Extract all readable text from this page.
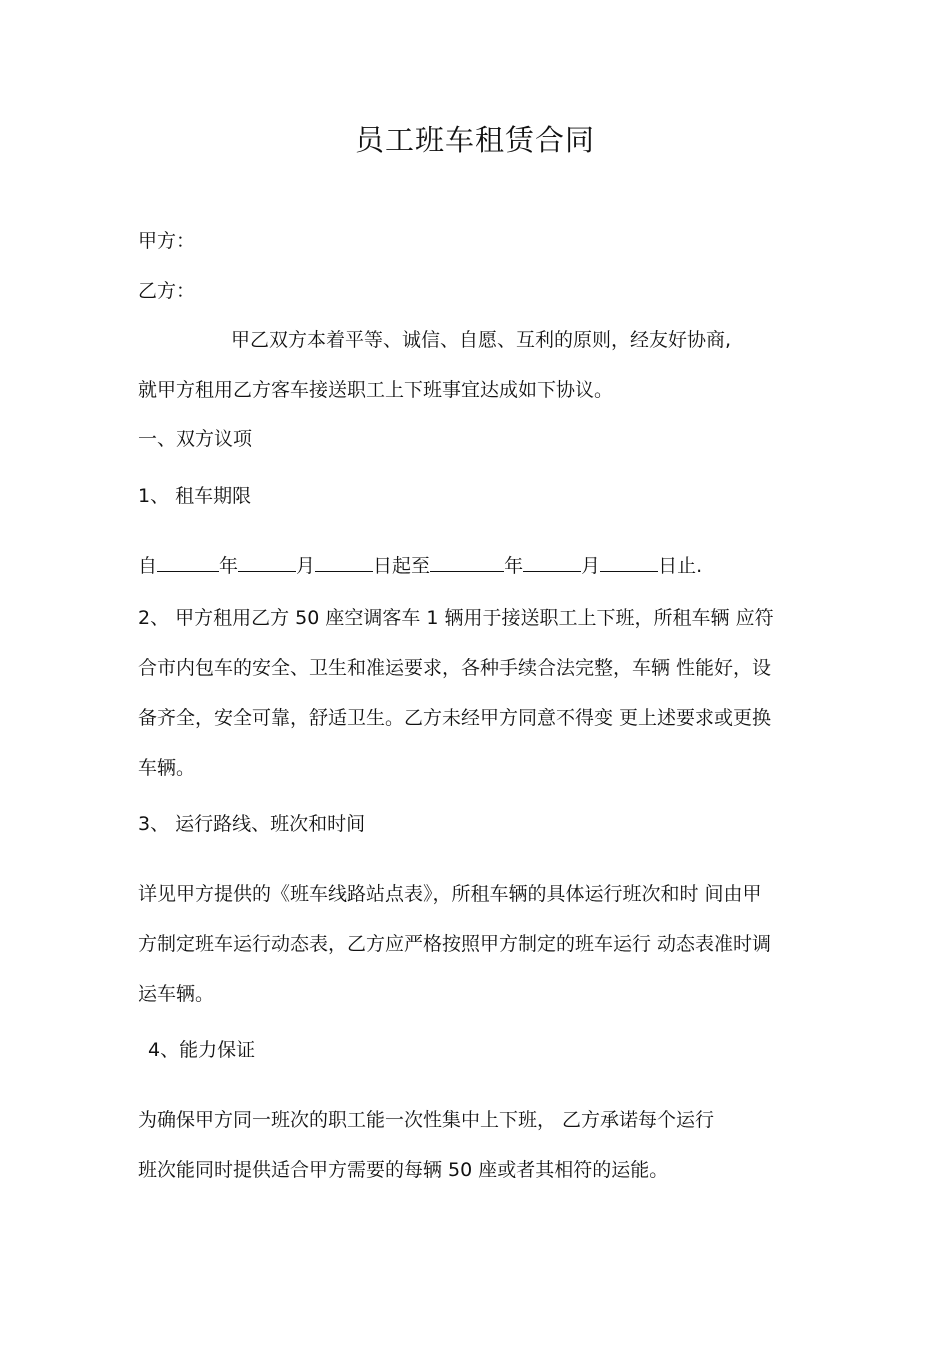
员工班车租赁合同
甲方：
乙方：
甲乙双方本着平等、诚信、自愿、互利的原则，经友好协商,
就甲方租用乙方客车接送职工上下班事宜达成如下协议。
一、双方议项
1、 租车期限
自	年	月	日起至	年	月	日止.
2、 甲方租用乙方 50 座空调客车 1 辆用于接送职工上下班，所租车辆 应符
合市内包车的安全、卫生和准运要求，各种手续合法完整，车辆 性能好，设
备齐全，安全可靠，舒适卫生。乙方未经甲方同意不得变 更上述要求或更换
车辆。
3、 运行路线、班次和时间
详见甲方提供的《班车线路站点表》，所租车辆的具体运行班次和时 间由甲
方制定班车运行动态表，乙方应严格按照甲方制定的班车运行 动态表准时调
运车辆。
4、能力保证
为确保甲方同一班次的职工能一次性集中上下班， 乙方承诺每个运行
班次能同时提供适合甲方需要的每辆 50 座或者其相符的运能。
